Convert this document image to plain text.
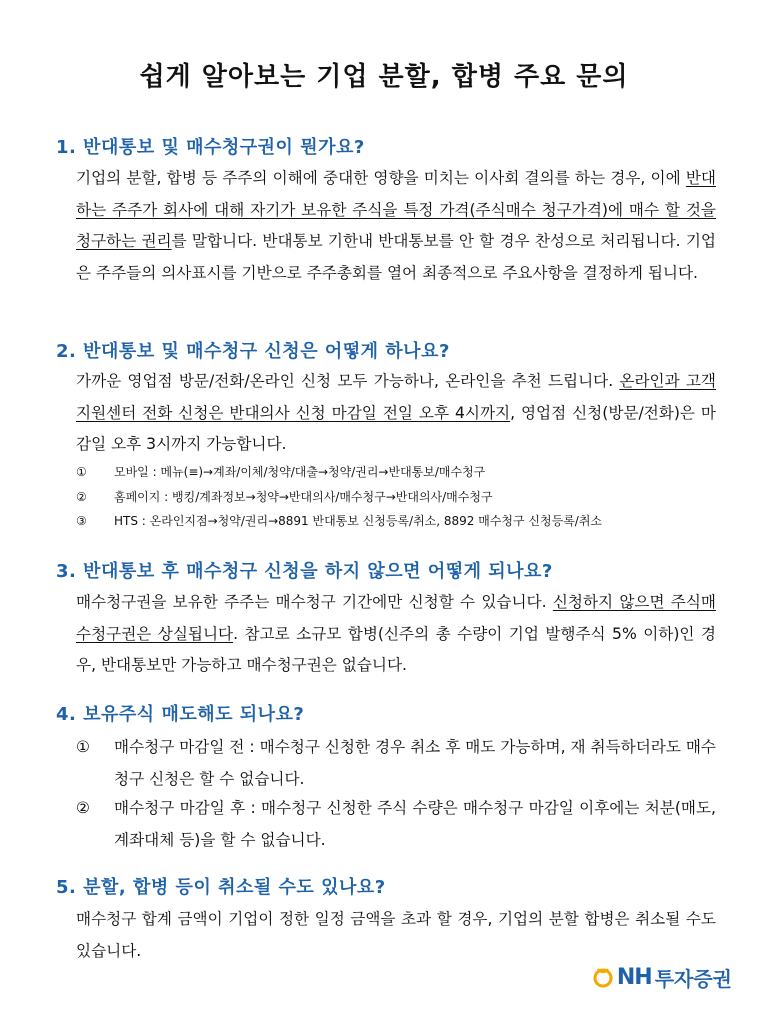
쉽게 알아보는 기업 분할, 합병 주요 문의
1. 반대통보 및 매수청구권이 뭔가요?
기업의 분할, 합병 등 주주의 이해에 중대한 영향을 미치는 이사회 결의를 하는 경우, 이에 반대하는 주주가 회사에 대해 자기가 보유한 주식을 특정 가격(주식매수 청구가격)에 매수 할 것을 청구하는 권리를 말합니다. 반대통보 기한내 반대통보를 안 할 경우 찬성으로 처리됩니다. 기업은 주주들의 의사표시를 기반으로 주주총회를 열어 최종적으로 주요사항을 결정하게 됩니다.
2. 반대통보 및 매수청구 신청은 어떻게 하나요?
가까운 영업점 방문/전화/온라인 신청 모두 가능하나, 온라인을 추천 드립니다. 온라인과 고객지원센터 전화 신청은 반대의사 신청 마감일 전일 오후 4시까지, 영업점 신청(방문/전화)은 마감일 오후 3시까지 가능합니다.
① 모바일 : 메뉴(≡)→계좌/이체/청약/대출→청약/권리→반대통보/매수청구
② 홈페이지 : 뱅킹/계좌정보→청약→반대의사/매수청구→반대의사/매수청구
③ HTS : 온라인지점→청약/권리→8891 반대통보 신청등록/취소, 8892 매수청구 신청등록/취소
3. 반대통보 후 매수청구 신청을 하지 않으면 어떻게 되나요?
매수청구권을 보유한 주주는 매수청구 기간에만 신청할 수 있습니다. 신청하지 않으면 주식매수청구권은 상실됩니다. 참고로 소규모 합병(신주의 총 수량이 기업 발행주식 5% 이하)인 경우, 반대통보만 가능하고 매수청구권은 없습니다.
4. 보유주식 매도해도 되나요?
① 매수청구 마감일 전 : 매수청구 신청한 경우 취소 후 매도 가능하며, 재 취득하더라도 매수청구 신청은 할 수 없습니다.
② 매수청구 마감일 후 : 매수청구 신청한 주식 수량은 매수청구 마감일 이후에는 처분(매도, 계좌대체 등)을 할 수 없습니다.
5. 분할, 합병 등이 취소될 수도 있나요?
매수청구 합계 금액이 기업이 정한 일정 금액을 초과 할 경우, 기업의 분할 합병은 취소될 수도 있습니다.
NH 투자증권
